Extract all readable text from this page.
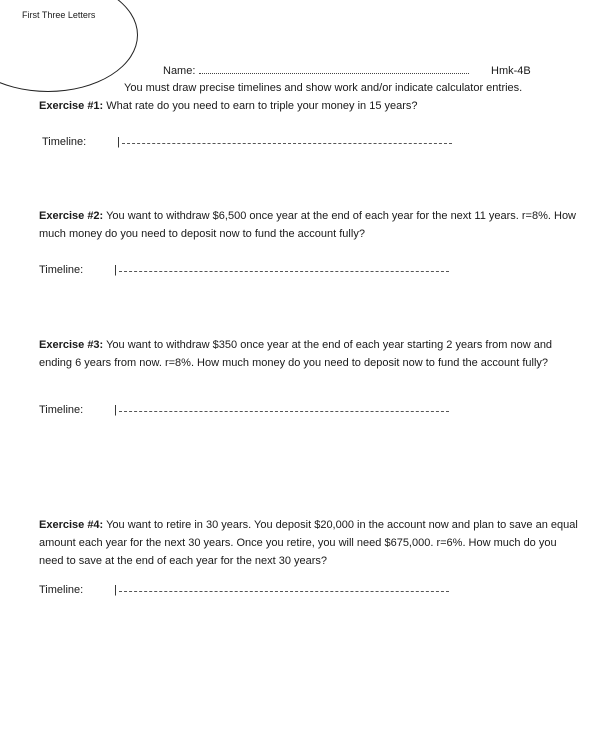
First Three Letters
Name:	Hmk-4B
You must draw precise timelines and show work and/or indicate calculator entries.
Exercise #1: What rate do you need to earn to triple your money in 15 years?
Timeline:	|
Exercise #2: You want to withdraw $6,500 once year at the end of each year for the next 11 years. r=8%. How much money do you need to deposit now to fund the account fully?
Timeline:	|
Exercise #3: You want to withdraw $350 once year at the end of each year starting 2 years from now and ending 6 years from now. r=8%. How much money do you need to deposit now to fund the account fully?
Timeline:	|
Exercise #4: You want to retire in 30 years. You deposit $20,000 in the account now and plan to save an equal amount each year for the next 30 years. Once you retire, you will need $675,000. r=6%. How much do you need to save at the end of each year for the next 30 years?
Timeline:	|
